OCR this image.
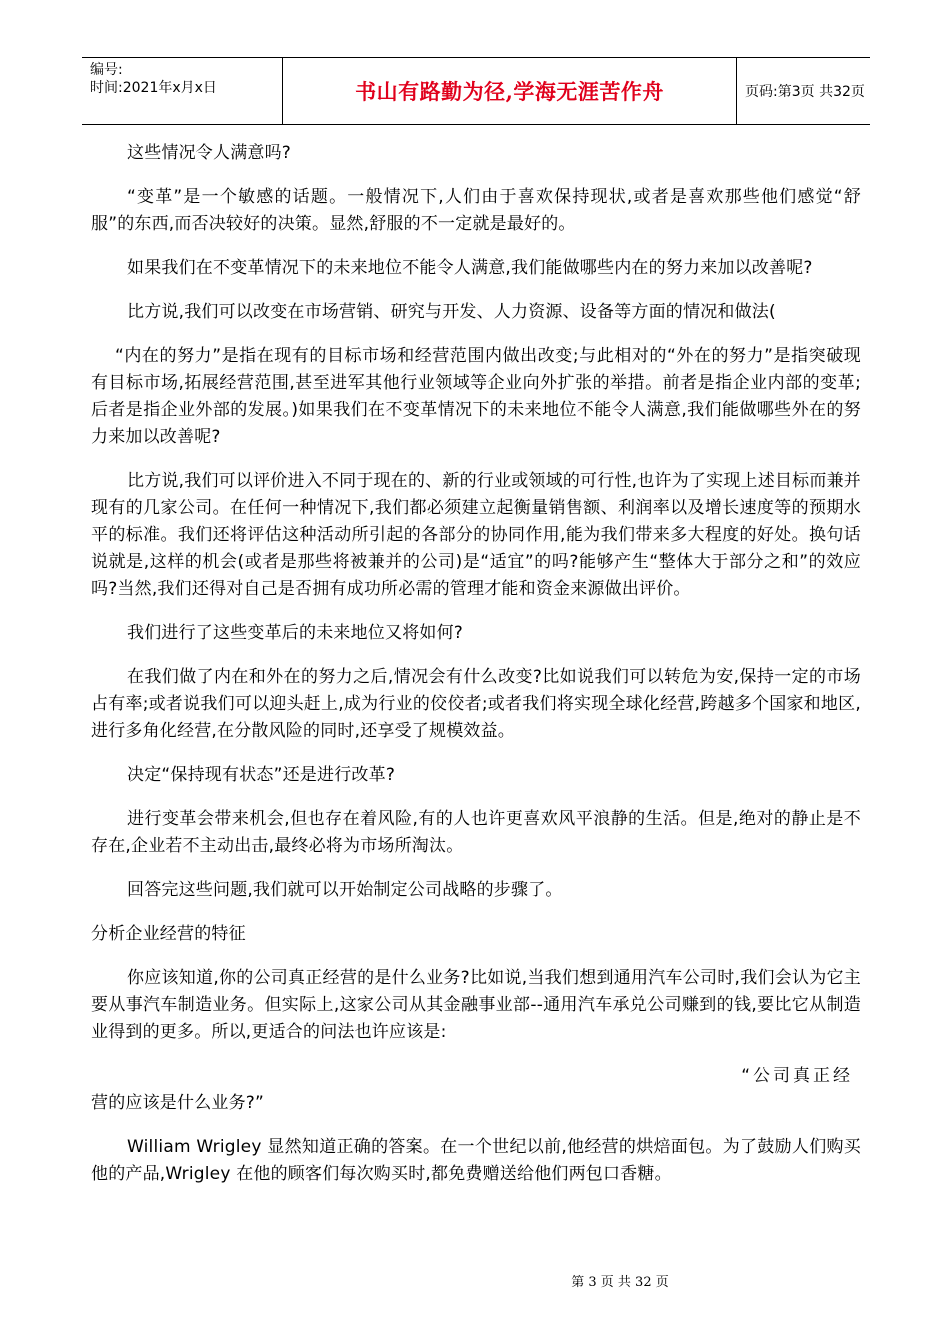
编号:
时间:2021年x月x日	书山有路勤为径,学海无涯苦作舟	页码:第3页 共32页

这些情况令人满意吗?

“变革”是一个敏感的话题。一般情况下,人们由于喜欢保持现状,或者是喜欢那些他们感觉“舒服”的东西,而否决较好的决策。显然,舒服的不一定就是最好的。

如果我们在不变革情况下的未来地位不能令人满意,我们能做哪些内在的努力来加以改善呢?

比方说,我们可以改变在市场营销、研究与开发、人力资源、设备等方面的情况和做法(

“内在的努力”是指在现有的目标市场和经营范围内做出改变;与此相对的“外在的努力”是指突破现有目标市场,拓展经营范围,甚至进军其他行业领域等企业向外扩张的举措。前者是指企业内部的变革;后者是指企业外部的发展。)如果我们在不变革情况下的未来地位不能令人满意,我们能做哪些外在的努力来加以改善呢?

比方说,我们可以评价进入不同于现在的、新的行业或领域的可行性,也许为了实现上述目标而兼并现有的几家公司。在任何一种情况下,我们都必须建立起衡量销售额、利润率以及增长速度等的预期水平的标准。我们还将评估这种活动所引起的各部分的协同作用,能为我们带来多大程度的好处。换句话说就是,这样的机会(或者是那些将被兼并的公司)是“适宜”的吗?能够产生“整体大于部分之和”的效应吗?当然,我们还得对自己是否拥有成功所必需的管理才能和资金来源做出评价。

我们进行了这些变革后的未来地位又将如何?

在我们做了内在和外在的努力之后,情况会有什么改变?比如说我们可以转危为安,保持一定的市场占有率;或者说我们可以迎头赶上,成为行业的佼佼者;或者我们将实现全球化经营,跨越多个国家和地区,进行多角化经营,在分散风险的同时,还享受了规模效益。

决定“保持现有状态”还是进行改革?

进行变革会带来机会,但也存在着风险,有的人也许更喜欢风平浪静的生活。但是,绝对的静止是不存在,企业若不主动出击,最终必将为市场所淘汰。

回答完这些问题,我们就可以开始制定公司战略的步骤了。

分析企业经营的特征

你应该知道,你的公司真正经营的是什么业务?比如说,当我们想到通用汽车公司时,我们会认为它主要从事汽车制造业务。但实际上,这家公司从其金融事业部--通用汽车承兑公司赚到的钱,要比它从制造业得到的更多。所以,更适合的问法也许应该是:

“公司真正经

营的应该是什么业务?”

William Wrigley 显然知道正确的答案。在一个世纪以前,他经营的烘焙面包。为了鼓励人们购买他的产品,Wrigley 在他的顾客们每次购买时,都免费赠送给他们两包口香糖。

第 3 页 共 32 页
